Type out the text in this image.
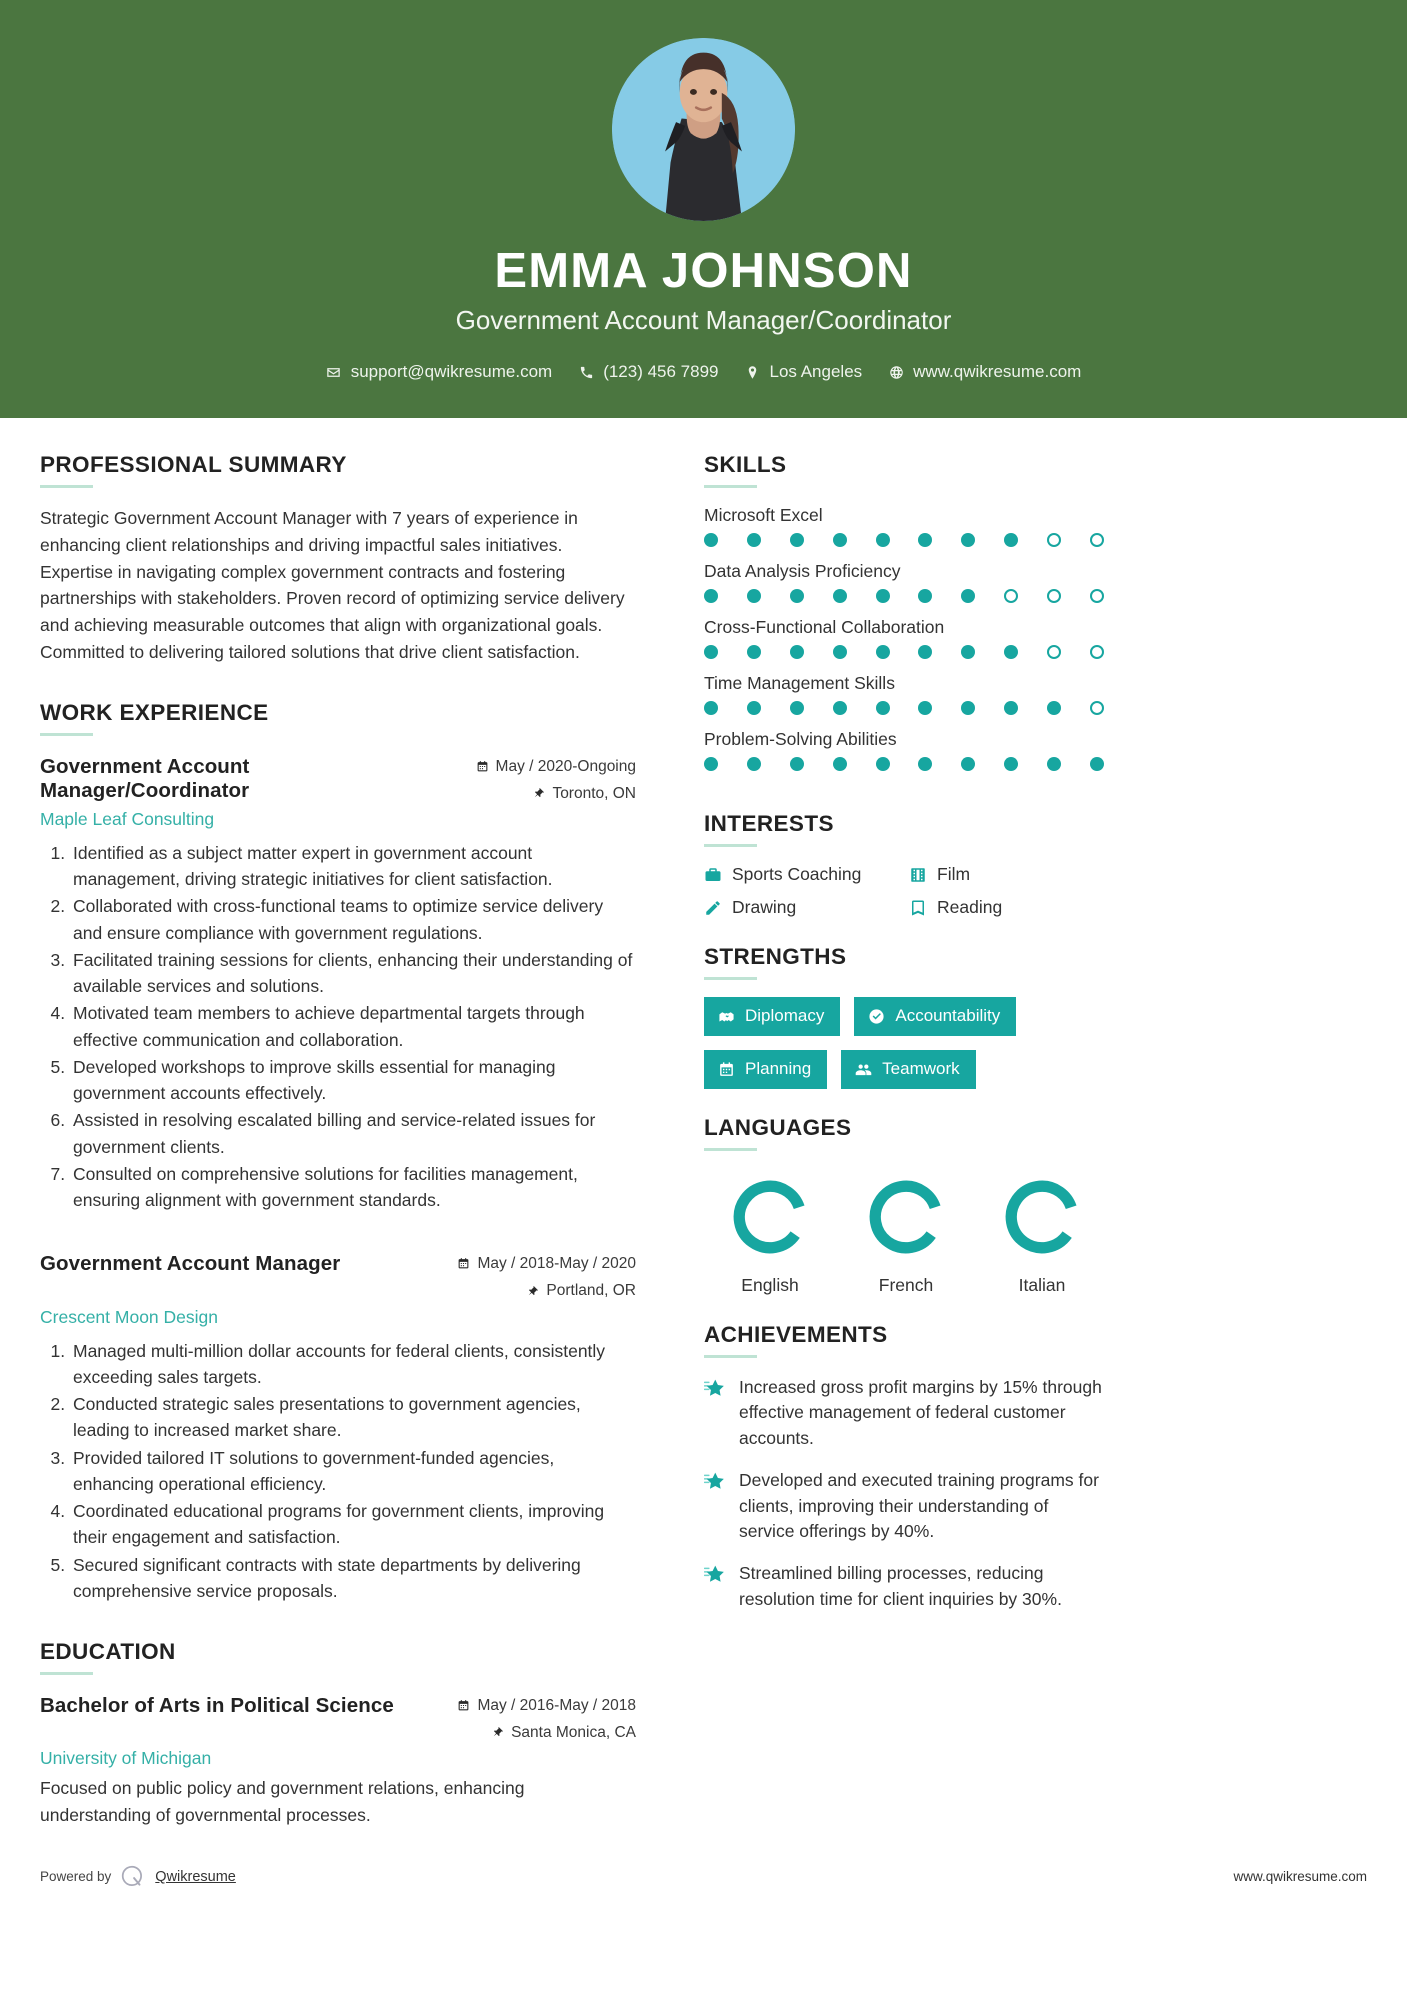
EMMA JOHNSON
Government Account Manager/Coordinator
support@qwikresume.com	(123) 456 7899	Los Angeles	www.qwikresume.com
PROFESSIONAL SUMMARY
Strategic Government Account Manager with 7 years of experience in enhancing client relationships and driving impactful sales initiatives. Expertise in navigating complex government contracts and fostering partnerships with stakeholders. Proven record of optimizing service delivery and achieving measurable outcomes that align with organizational goals. Committed to delivering tailored solutions that drive client satisfaction.
WORK EXPERIENCE
Government Account Manager/Coordinator
May / 2020-Ongoing
Toronto, ON
Maple Leaf Consulting
1. Identified as a subject matter expert in government account management, driving strategic initiatives for client satisfaction.
2. Collaborated with cross-functional teams to optimize service delivery and ensure compliance with government regulations.
3. Facilitated training sessions for clients, enhancing their understanding of available services and solutions.
4. Motivated team members to achieve departmental targets through effective communication and collaboration.
5. Developed workshops to improve skills essential for managing government accounts effectively.
6. Assisted in resolving escalated billing and service-related issues for government clients.
7. Consulted on comprehensive solutions for facilities management, ensuring alignment with government standards.
Government Account Manager	May / 2018-May / 2020
Portland, OR
Crescent Moon Design
1. Managed multi-million dollar accounts for federal clients, consistently exceeding sales targets.
2. Conducted strategic sales presentations to government agencies, leading to increased market share.
3. Provided tailored IT solutions to government-funded agencies, enhancing operational efficiency.
4. Coordinated educational programs for government clients, improving their engagement and satisfaction.
5. Secured significant contracts with state departments by delivering comprehensive service proposals.
EDUCATION
Bachelor of Arts in Political Science	May / 2016-May / 2018
Santa Monica, CA
University of Michigan
Focused on public policy and government relations, enhancing understanding of governmental processes.
SKILLS
Microsoft Excel
Data Analysis Proficiency
Cross-Functional Collaboration
Time Management Skills
Problem-Solving Abilities
INTERESTS
Sports Coaching	Film
Drawing	Reading
STRENGTHS
Diplomacy	Accountability
Planning	Teamwork
LANGUAGES
English	French	Italian
ACHIEVEMENTS
Increased gross profit margins by 15% through effective management of federal customer accounts.
Developed and executed training programs for clients, improving their understanding of service offerings by 40%.
Streamlined billing processes, reducing resolution time for client inquiries by 30%.
Powered by	Qwikresume	www.qwikresume.com
